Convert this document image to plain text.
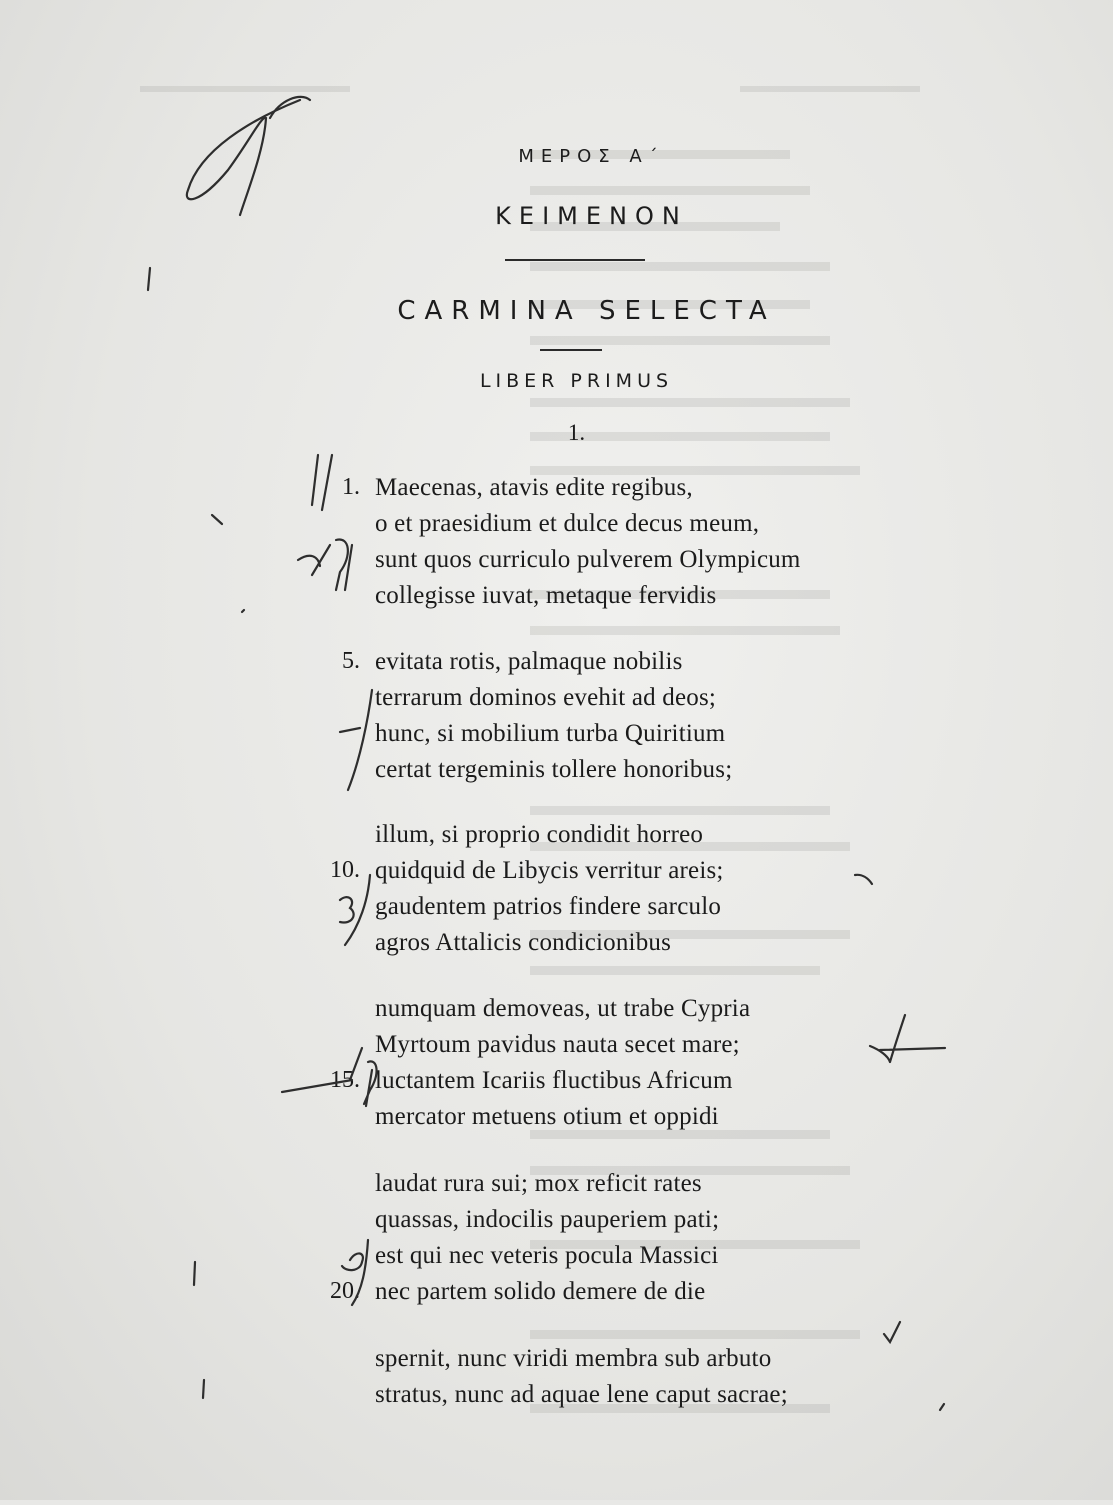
ΜΕΡΟΣ Α΄
ΚΕΙΜΕΝΟΝ
CARMINA SELECTA
LIBER PRIMUS
1.
Maecenas, atavis edite regibus,
1.
o et praesidium et dulce decus meum,
sunt quos curriculo pulverem Olympicum
collegisse iuvat, metaque fervidis
evitata rotis, palmaque nobilis
5.
terrarum dominos evehit ad deos;
hunc, si mobilium turba Quiritium
certat tergeminis tollere honoribus;
illum, si proprio condidit horreo
quidquid de Libycis verritur areis;
10.
gaudentem patrios findere sarculo
agros Attalicis condicionibus
numquam demoveas, ut trabe Cypria
Myrtoum pavidus nauta secet mare;
luctantem Icariis fluctibus Africum
15.
mercator metuens otium et oppidi
laudat rura sui; mox reficit rates
quassas, indocilis pauperiem pati;
est qui nec veteris pocula Massici
nec partem solido demere de die
20.
spernit, nunc viridi membra sub arbuto
stratus, nunc ad aquae lene caput sacrae;
